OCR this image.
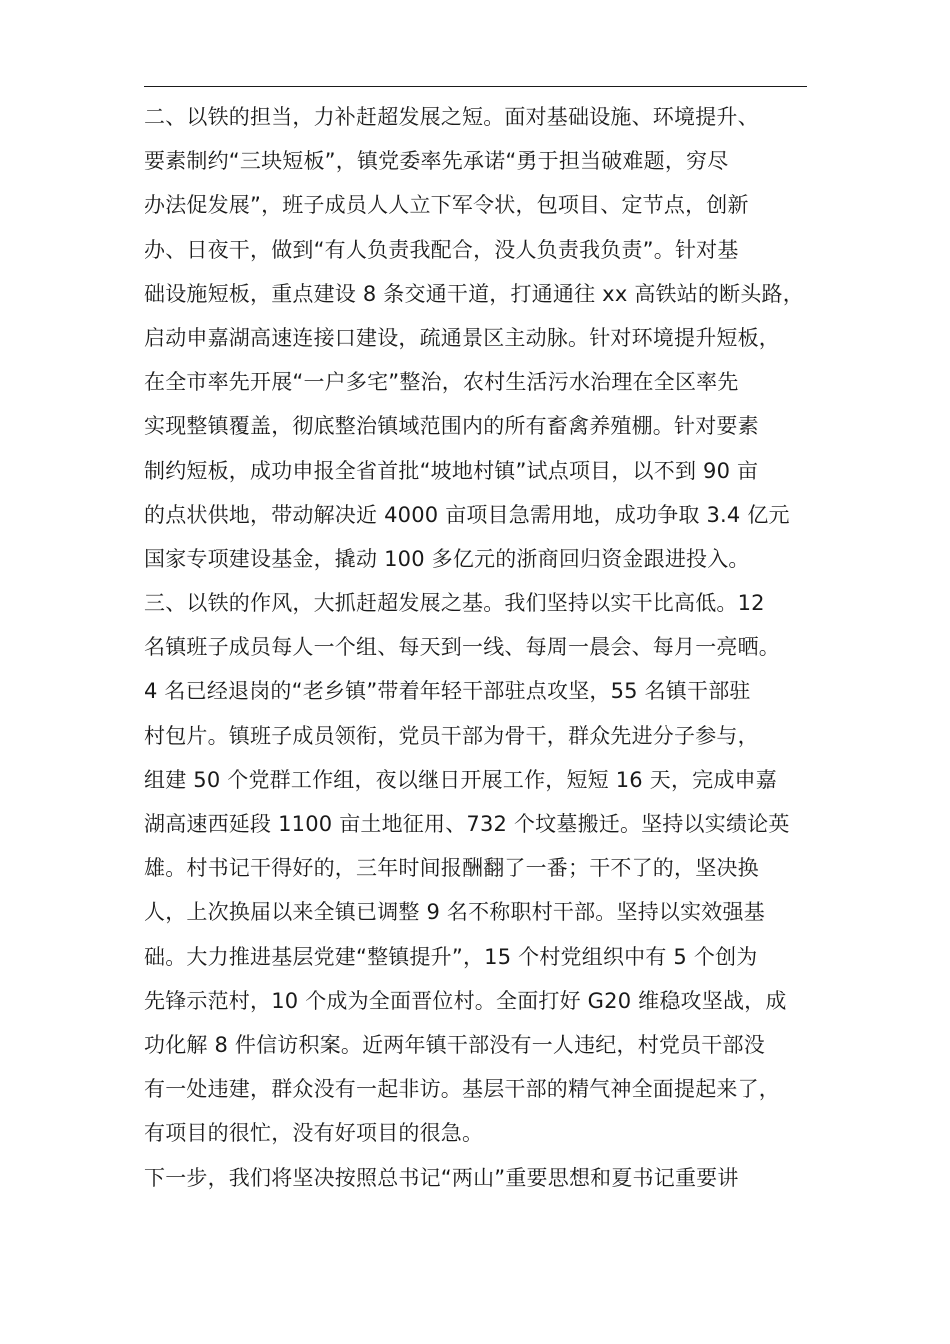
二、以铁的担当，力补赶超发展之短。面对基础设施、环境提升、
要素制约“三块短板”，镇党委率先承诺“勇于担当破难题，穷尽
办法促发展”，班子成员人人立下军令状，包项目、定节点，创新
办、日夜干，做到“有人负责我配合，没人负责我负责”。针对基
础设施短板，重点建设 8 条交通干道，打通通往 xx 高铁站的断头路，
启动申嘉湖高速连接口建设，疏通景区主动脉。针对环境提升短板，
在全市率先开展“一户多宅”整治，农村生活污水治理在全区率先
实现整镇覆盖，彻底整治镇域范围内的所有畜禽养殖棚。针对要素
制约短板，成功申报全省首批“坡地村镇”试点项目，以不到 90 亩
的点状供地，带动解决近 4000 亩项目急需用地，成功争取 3.4 亿元
国家专项建设基金，撬动 100 多亿元的浙商回归资金跟进投入。
三、以铁的作风，大抓赶超发展之基。我们坚持以实干比高低。12
名镇班子成员每人一个组、每天到一线、每周一晨会、每月一亮晒。
4 名已经退岗的“老乡镇”带着年轻干部驻点攻坚，55 名镇干部驻
村包片。镇班子成员领衔，党员干部为骨干，群众先进分子参与，
组建 50 个党群工作组，夜以继日开展工作，短短 16 天，完成申嘉
湖高速西延段 1100 亩土地征用、732 个坟墓搬迁。坚持以实绩论英
雄。村书记干得好的，三年时间报酬翻了一番；干不了的，坚决换
人，上次换届以来全镇已调整 9 名不称职村干部。坚持以实效强基
础。大力推进基层党建“整镇提升”，15 个村党组织中有 5 个创为
先锋示范村，10 个成为全面晋位村。全面打好 G20 维稳攻坚战，成
功化解 8 件信访积案。近两年镇干部没有一人违纪，村党员干部没
有一处违建，群众没有一起非访。基层干部的精气神全面提起来了，
有项目的很忙，没有好项目的很急。
下一步，我们将坚决按照总书记“两山”重要思想和夏书记重要讲
